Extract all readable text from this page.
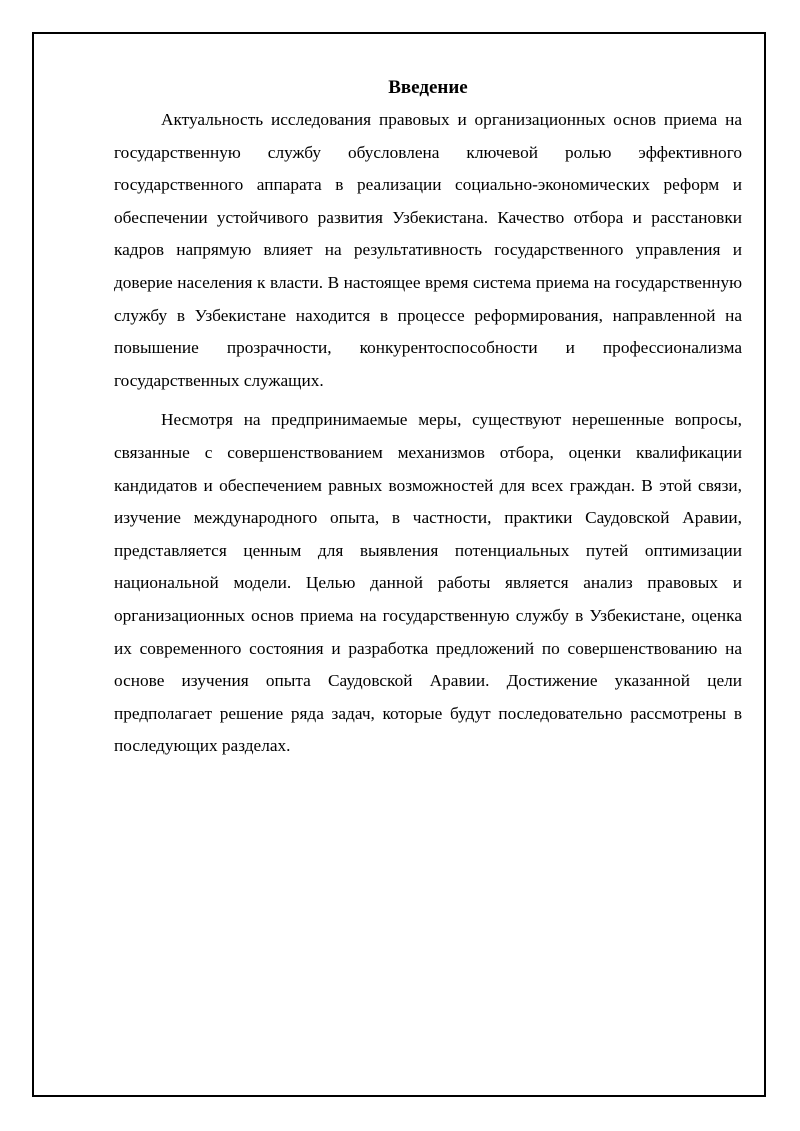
Введение

Актуальность исследования правовых и организационных основ приема на государственную службу обусловлена ключевой ролью эффективного государственного аппарата в реализации социально-экономических реформ и обеспечении устойчивого развития Узбекистана. Качество отбора и расстановки кадров напрямую влияет на результативность государственного управления и доверие населения к власти. В настоящее время система приема на государственную службу в Узбекистане находится в процессе реформирования, направленной на повышение прозрачности, конкурентоспособности и профессионализма государственных служащих.

Несмотря на предпринимаемые меры, существуют нерешенные вопросы, связанные с совершенствованием механизмов отбора, оценки квалификации кандидатов и обеспечением равных возможностей для всех граждан. В этой связи, изучение международного опыта, в частности, практики Саудовской Аравии, представляется ценным для выявления потенциальных путей оптимизации национальной модели. Целью данной работы является анализ правовых и организационных основ приема на государственную службу в Узбекистане, оценка их современного состояния и разработка предложений по совершенствованию на основе изучения опыта Саудовской Аравии. Достижение указанной цели предполагает решение ряда задач, которые будут последовательно рассмотрены в последующих разделах.
